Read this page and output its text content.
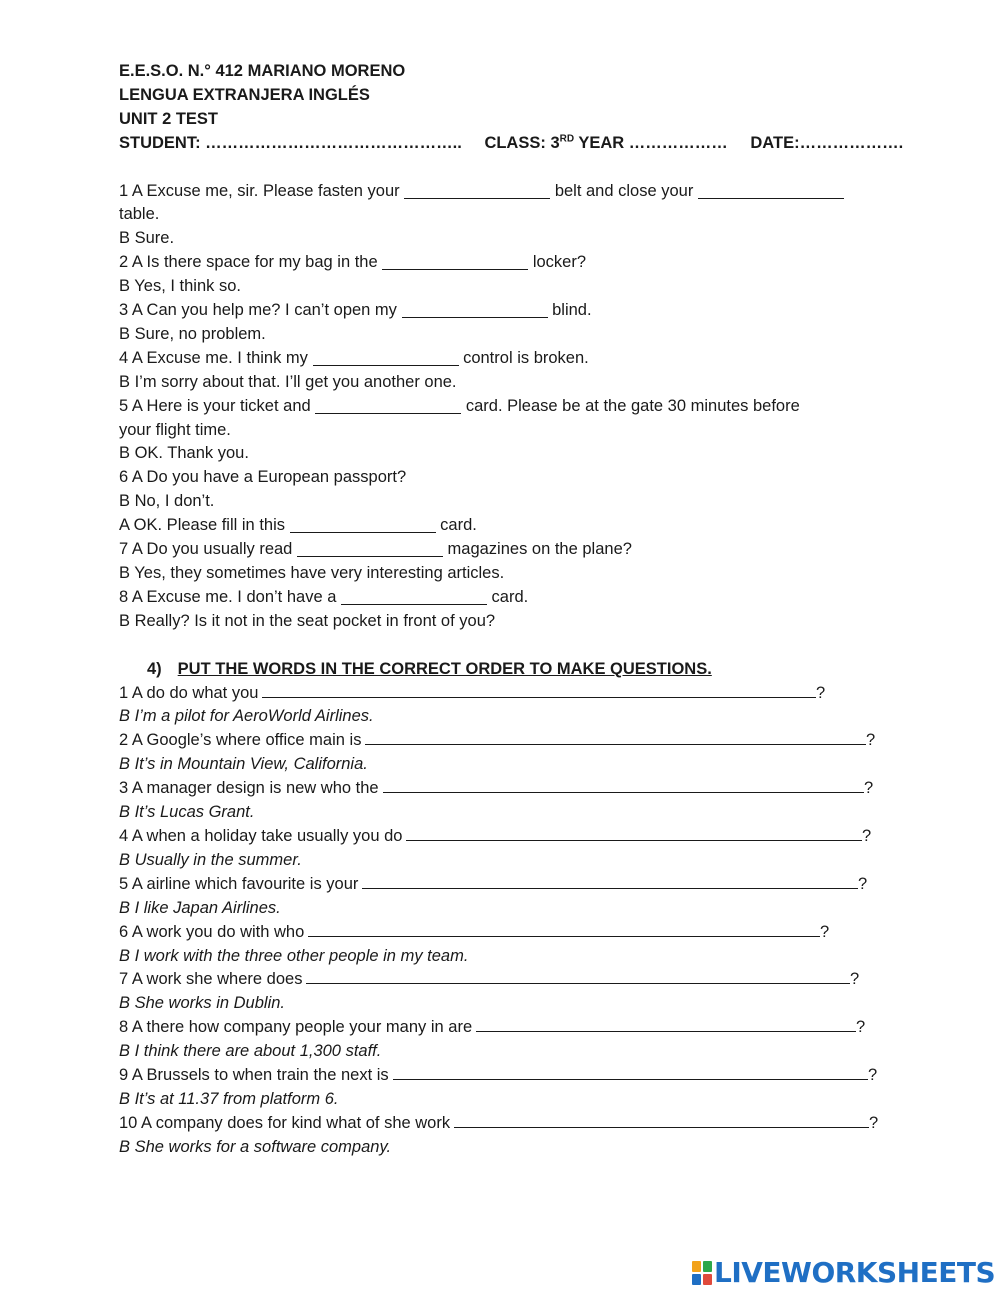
E.E.S.O. N.° 412 MARIANO MORENO
LENGUA EXTRANJERA INGLÉS
UNIT 2 TEST
STUDENT: ……………………………………….. CLASS: 3RD YEAR ……………… DATE:……………….
1 A Excuse me, sir. Please fasten your	belt and close your
table.
B Sure.
2 A Is there space for my bag in the	locker?
B Yes, I think so.
3 A Can you help me? I can’t open my	blind.
B Sure, no problem.
4 A Excuse me. I think my	control is broken.
B I’m sorry about that. I’ll get you another one.
5 A Here is your ticket and	card. Please be at the gate 30 minutes before
your flight time.
B OK. Thank you.
6 A Do you have a European passport?
B No, I don’t.
A OK. Please fill in this	card.
7 A Do you usually read	magazines on the plane?
B Yes, they sometimes have very interesting articles.
8 A Excuse me. I don’t have a	card.
B Really? Is it not in the seat pocket in front of you?
4) PUT THE WORDS IN THE CORRECT ORDER TO MAKE QUESTIONS.
1 A do do what you	?
B I’m a pilot for AeroWorld Airlines.
2 A Google’s where office main is	?
B It’s in Mountain View, California.
3 A manager design is new who the	?
B It’s Lucas Grant.
4 A when a holiday take usually you do	?
B Usually in the summer.
5 A airline which favourite is your	?
B I like Japan Airlines.
6 A work you do with who	?
B I work with the three other people in my team.
7 A work she where does	?
B She works in Dublin.
8 A there how company people your many in are	?
B I think there are about 1,300 staff.
9 A Brussels to when train the next is	?
B It’s at 11.37 from platform 6.
10 A company does for kind what of she work	?
B She works for a software company.
LIVEWORKSHEETS
